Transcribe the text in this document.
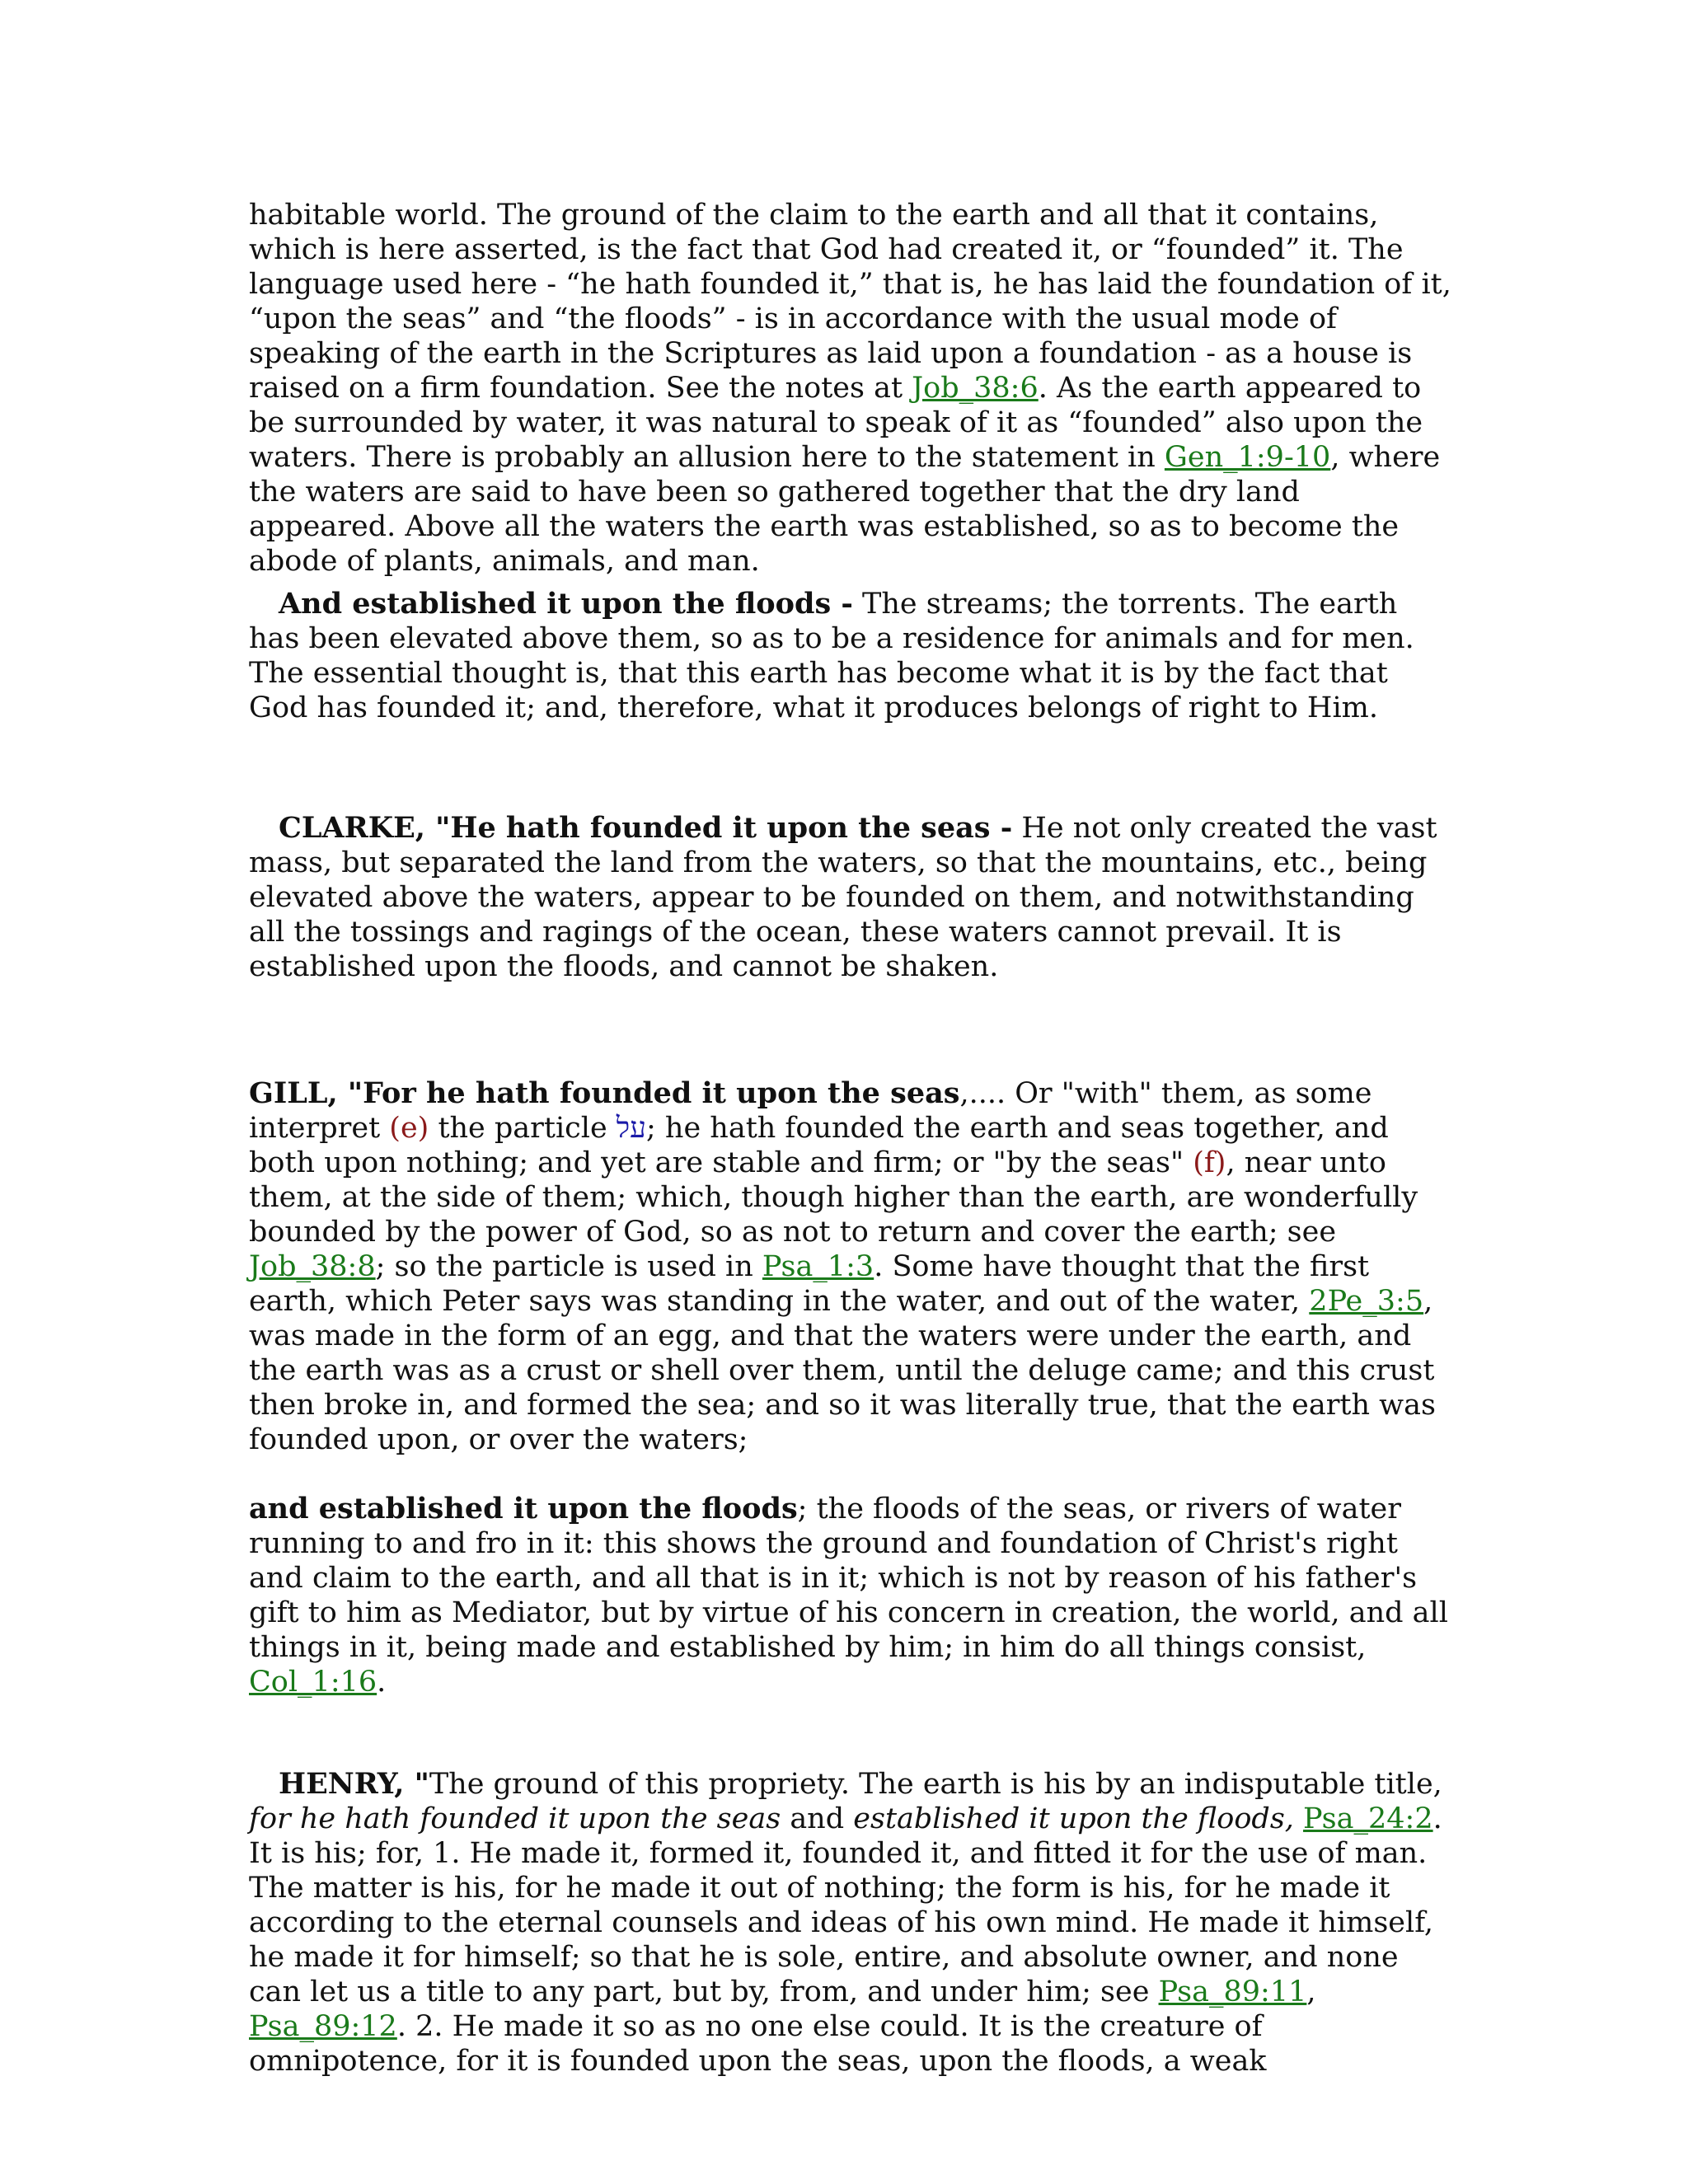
habitable world. The ground of the claim to the earth and all that it contains, which is here asserted, is the fact that God had created it, or “founded” it. The language used here - “he hath founded it,” that is, he has laid the foundation of it, “upon the seas” and “the floods” - is in accordance with the usual mode of speaking of the earth in the Scriptures as laid upon a foundation - as a house is raised on a firm foundation. See the notes at Job_38:6. As the earth appeared to be surrounded by water, it was natural to speak of it as “founded” also upon the waters. There is probably an allusion here to the statement in Gen_1:9-10, where the waters are said to have been so gathered together that the dry land appeared. Above all the waters the earth was established, so as to become the abode of plants, animals, and man.

And established it upon the floods - The streams; the torrents. The earth has been elevated above them, so as to be a residence for animals and for men. The essential thought is, that this earth has become what it is by the fact that God has founded it; and, therefore, what it produces belongs of right to Him.

CLARKE, "He hath founded it upon the seas - He not only created the vast mass, but separated the land from the waters, so that the mountains, etc., being elevated above the waters, appear to be founded on them, and notwithstanding all the tossings and ragings of the ocean, these waters cannot prevail. It is established upon the floods, and cannot be shaken.

GILL, "For he hath founded it upon the seas,.... Or "with" them, as some interpret (e) the particle על; he hath founded the earth and seas together, and both upon nothing; and yet are stable and firm; or "by the seas" (f), near unto them, at the side of them; which, though higher than the earth, are wonderfully bounded by the power of God, so as not to return and cover the earth; see Job_38:8; so the particle is used in Psa_1:3. Some have thought that the first earth, which Peter says was standing in the water, and out of the water, 2Pe_3:5, was made in the form of an egg, and that the waters were under the earth, and the earth was as a crust or shell over them, until the deluge came; and this crust then broke in, and formed the sea; and so it was literally true, that the earth was founded upon, or over the waters;

and established it upon the floods; the floods of the seas, or rivers of water running to and fro in it: this shows the ground and foundation of Christ's right and claim to the earth, and all that is in it; which is not by reason of his father's gift to him as Mediator, but by virtue of his concern in creation, the world, and all things in it, being made and established by him; in him do all things consist, Col_1:16.

HENRY, "The ground of this propriety. The earth is his by an indisputable title, for he hath founded it upon the seas and established it upon the floods, Psa_24:2. It is his; for, 1. He made it, formed it, founded it, and fitted it for the use of man. The matter is his, for he made it out of nothing; the form is his, for he made it according to the eternal counsels and ideas of his own mind. He made it himself, he made it for himself; so that he is sole, entire, and absolute owner, and none can let us a title to any part, but by, from, and under him; see Psa_89:11, Psa_89:12. 2. He made it so as no one else could. It is the creature of omnipotence, for it is founded upon the seas, upon the floods, a weak
